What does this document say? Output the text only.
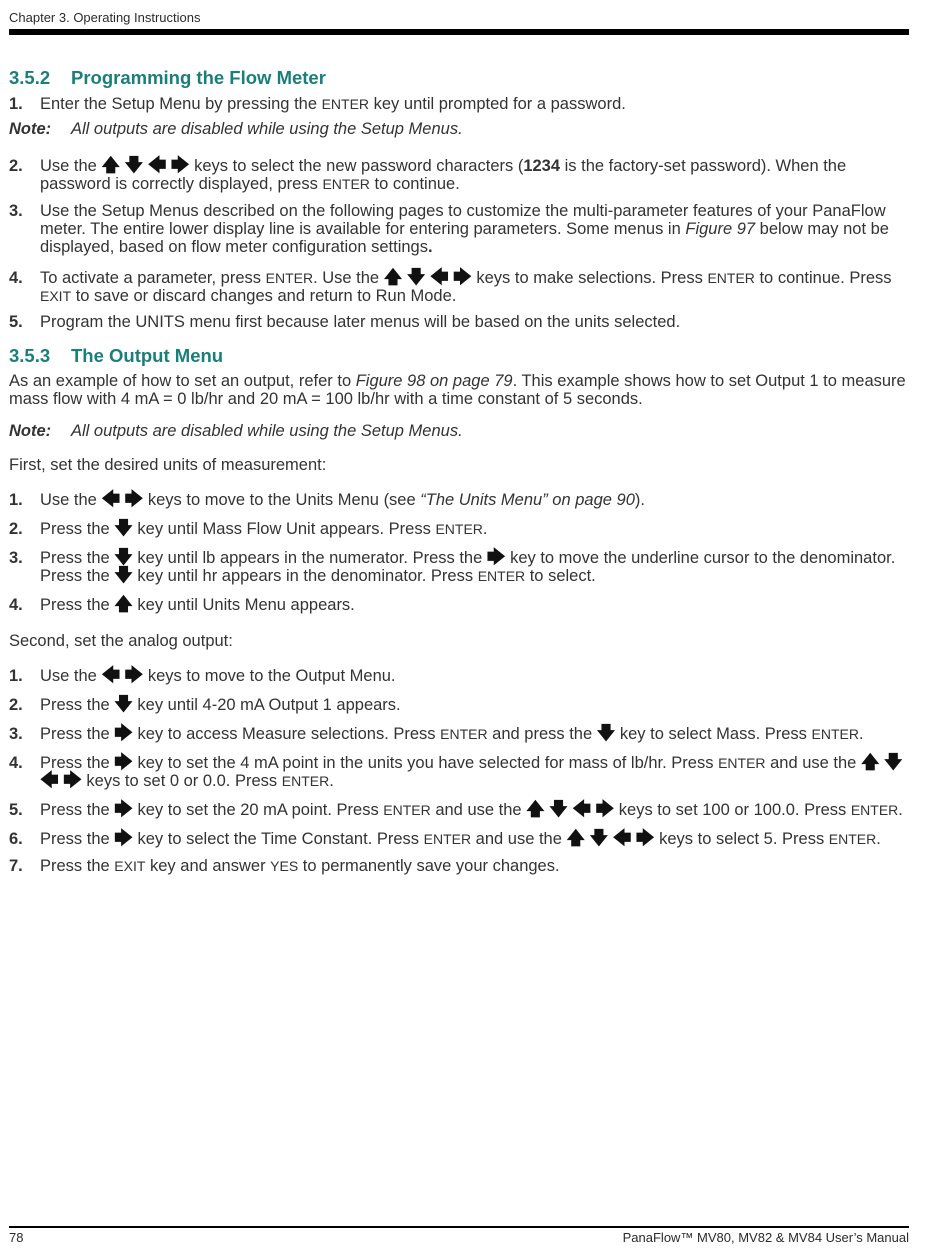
Chapter 3. Operating Instructions
3.5.2 Programming the Flow Meter
1.	Enter the Setup Menu by pressing the ENTER key until prompted for a password.
Note:	All outputs are disabled while using the Setup Menus.
2.	Use the 🡅 🡇 🡄 🡆 keys to select the new password characters (1234 is the factory-set password). When the password is correctly displayed, press ENTER to continue.
3.	Use the Setup Menus described on the following pages to customize the multi-parameter features of your PanaFlow meter. The entire lower display line is available for entering parameters. Some menus in Figure 97 below may not be displayed, based on flow meter configuration settings.
4.	To activate a parameter, press ENTER. Use the 🡅 🡇 🡄 🡆 keys to make selections. Press ENTER to continue. Press EXIT to save or discard changes and return to Run Mode.
5.	Program the UNITS menu first because later menus will be based on the units selected.
3.5.3 The Output Menu

As an example of how to set an output, refer to Figure 98 on page 79. This example shows how to set Output 1 to measure mass flow with 4 mA = 0 lb/hr and 20 mA = 100 lb/hr with a time constant of 5 seconds.

Note:	All outputs are disabled while using the Setup Menus.

First, set the desired units of measurement:

1.	Use the 🡄 🡆 keys to move to the Units Menu (see “The Units Menu” on page 90).
2.	Press the 🡇 key until Mass Flow Unit appears. Press ENTER.
3.	Press the 🡇 key until lb appears in the numerator. Press the 🡆 key to move the underline cursor to the denominator. Press the 🡇 key until hr appears in the denominator. Press ENTER to select.
4.	Press the 🡅 key until Units Menu appears.

Second, set the analog output:

1.	Use the 🡄 🡆 keys to move to the Output Menu.
2.	Press the 🡇 key until 4-20 mA Output 1 appears.
3.	Press the 🡆 key to access Measure selections. Press ENTER and press the 🡇 key to select Mass. Press ENTER.
4.	Press the 🡆 key to set the 4 mA point in the units you have selected for mass of lb/hr. Press ENTER and use the 🡅 🡇 🡄 🡆 keys to set 0 or 0.0. Press ENTER.
5.	Press the 🡆 key to set the 20 mA point. Press ENTER and use the 🡅 🡇 🡄 🡆 keys to set 100 or 100.0. Press ENTER.
6.	Press the 🡆 key to select the Time Constant. Press ENTER and use the 🡅 🡇 🡄 🡆 keys to select 5. Press ENTER.
7.	Press the EXIT key and answer YES to permanently save your changes.
78	PanaFlow™ MV80, MV82 & MV84 User’s Manual
